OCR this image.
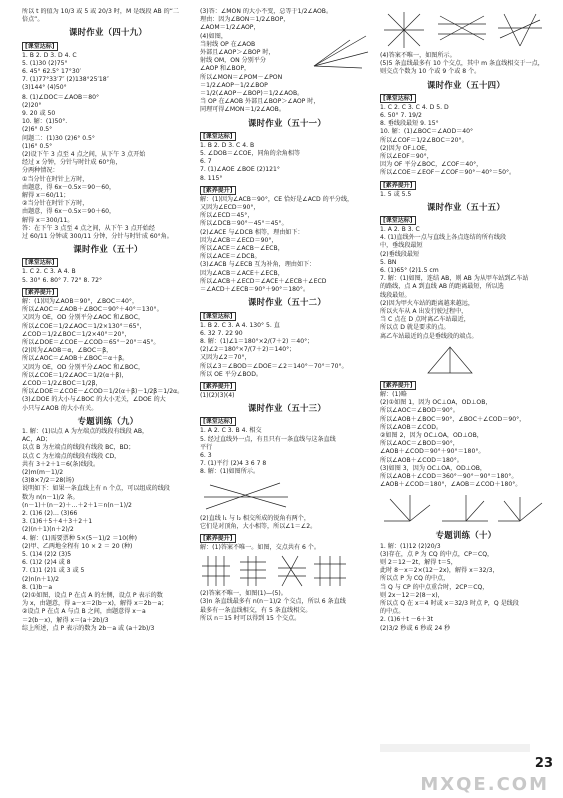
所以 t 的值为 10/3 或 5 或 20/3 时，M 是线段 AB 的“二
倍点”。
课时作业（四十九）
[课堂达标]
1. B 2. D 3. D 4. C
5. (1)30 (2)75°
6. 45° 62.5° 17°30′
7. (1)77°33′7″ (2)138°25′18″
(3)144° (4)50°
8. (1)∠DOC＝∠AOB＝80°
(2)20°
9. 20 或 50
10. 解：(1)50°.
(2)6° 0.5°
问题二：(1)30 (2)6° 0.5°
(1)6° 0.5°
(2)设下午 3 点至 4 点之间，从下午 3 点开始
经过 x 分钟，分针与时针成 60°角，
分两种情况：
①当分针在时针上方时，
由题意，得 6x－0.5x＝90－60，
解得 x＝60/11；
②当分针在时针下方时，
由题意，得 6x－0.5x＝90＋60，
解得 x＝300/11。
答：在下午 3 点至 4 点之间，从下午 3 点开始经
过 60/11 分钟或 300/11 分钟，分针与时针成 60°角。
课时作业（五十）
[课堂达标]
1. C 2. C 3. A 4. B
5. 30° 6. 80° 7. 72° 8. 72°
[素养提升]
解：(1)因为∠AOB＝90°，∠BOC＝40°，
所以∠AOC＝∠AOB＋∠BOC＝90°＋40°＝130°。
又因为 OE，OD 分别平分∠AOC 和∠BOC，
所以∠COE＝1/2∠AOC＝1/2×130°＝65°，
∠COD＝1/2∠BOC＝1/2×40°＝20°，
所以∠DOE＝∠COE－∠COD＝65°－20°＝45°。
(2)因为∠AOB＝α，∠BOC＝β，
所以∠AOC＝∠AOB＋∠BOC＝α＋β。
又因为 OE，OD 分别平分∠AOC 和∠BOC，
所以∠COE＝1/2∠AOC＝1/2(α＋β)，
∠COD＝1/2∠BOC＝1/2β，
所以∠DOE＝∠COE－∠COD＝1/2(α＋β)－1/2β＝1/2α。
(3)∠DOE 的大小与∠BOC 的大小无关，∠DOE 的大
小只与∠AOB 的大小有关。
专题训练（九）
1. 解：(1)以点 A 为左端点的线段有线段 AB，
AC，AD；
以点 B 为左端点的线段有线段 BC，BD；
以点 C 为左端点的线段有线段 CD，
共有 3＋2＋1＝6(条)线段。
(2)m(m－1)/2
(3)8×7/2＝28(场)
说明如下：如果一条直线上有 n 个点，可以组成的线段
数为 n(n－1)/2 条。
(n－1)＋(n－2)＋…＋2＋1＝n(n－1)/2
2. (1)6 (2)… (3)66
3. (1)6＋5＋4＋3＋2＋1
(2)(n＋1)(n＋2)/2
4. 解：(1)需要票种 5×(5－1)/2 ＝10(种)
(2)甲、乙两地全程有 10 × 2 ＝ 20 (种)
5. (1)4 (2)2 (3)5
6. (1)2 (2)4 或 8
7. (1)1 (2)1 或 3 或 5
(2)n(n＋1)/2
8. (1)b－a
(2)①如图，设点 P 在点 A 的左侧，设点 P 表示的数
为 x，由题意，得 a－x＝2(b－x)，解得 x＝2b－a；
②设点 P 在点 A 与点 B 之间，由题意得 x－a
＝2(b－x)，解得 x＝(a＋2b)/3
综上所述，点 P 表示的数为 2b－a 或 (a＋2b)/3
(3)答：∠MON 的大小不变，总等于1/2∠AOB。
理由：因为∠BON＝1/2∠BOP，
∠AOM＝1/2∠AOP，
(4)如图，
当射线 OP 在∠AOB
外部且∠AOP＞∠BOP 时，
射线 OM，ON 分别平分
∠AOP 和∠BOP，
所以∠MON＝∠POM－∠PON
＝1/2∠AOP－1/2∠BOP
＝1/2(∠AOP－∠BOP)＝1/2∠AOB。
当 OP 在∠AOB 外部且∠BOP＞∠AOP 时，
同理可得∠MON＝1/2∠AOB。
课时作业（五十一）
[课堂达标]
1. B 2. D 3. C 4. B
5. ∠DOB＝∠COE，同角的余角相等
6. 7
7. (1)∠AOE ∠BOE (2)121°
8. 115°
[素养提升]
解：(1)因为∠ACB＝90°，CE 恰好是∠ACD 的平分线，
又因为∠ECD＝90°，
所以∠ECD＝45°，
所以∠DCB＝90°－45°＝45°。
(2)∠ACE 与∠DCB 相等，理由如下：
因为∠ACB＝∠ECD＝90°，
所以∠ACE＝∠ACB－∠ECB，
所以∠ACE＝∠DCB。
(3)∠ACB 与∠ECB 互为补角，理由如下：
因为∠ACB＝∠ACE＋∠ECB，
所以∠ACB＋∠ECD＝∠ACE＋∠ECB＋∠ECD
＝∠ACD＋∠ECB＝90°＋90°＝180°。
课时作业（五十二）
[课堂达标]
1. B 2. C 3. A 4. 130° 5. 直
6. 32 7. 22 90
8. 解：(1)∠1＝180°×2/(7＋2) ＝40°；
(2)∠2＝180°×7/(7＋2)＝140°；
又因为∠2＝70°，
所以∠3＝∠BOD＝∠DOE＝∠2＝140°－70°＝70°。
所以 OE 平分∠BOD。
[素养提升]
(1)(2)(3)(4)
课时作业（五十三）
[课堂达标]
1. A 2. C 3. B 4. 相交
5. 经过直线外一点，有且只有一条直线与这条直线
平行
6. 3
7. (1)平行 (2)4 3 6 7 8
8. 解：(1)如图所示。
(2)直线 l₁ 与 l₂ 相交所成的锐角有两个，
它们是对顶角，大小相等，所以∠1＝∠2。
[素养提升]
解：(1)答案不唯一。如图，交点共有 6 个。
(2)答案不唯一，如图(1)—(5)。
(3)n 条直线最多有 n(n－1)/2 个交点，所以 6 条直线
最多有一条直线相交，有 5 条直线相交。
所以 n＝15 时可以得到 15 个交点。
(4)答案不唯一，如图所示。
(5)5 条直线最多有 10 个交点，其中 m 条直线相交于一点，
则交点个数为 10 个或 9 个或 8 个。
课时作业（五十四）
[课堂达标]
1. C 2. C 3. C 4. D 5. D
6. 50° 7. 19/2
8. 垂线段最短 9. 15°
10. 解：(1)∠BOC＝∠AOD＝40°
所以∠COF＝1/2∠BOC＝20°。
(2)因为 OF⊥OE，
所以∠EOF＝90°，
因为 OF 平分∠BOC，∠COF＝40°，
所以∠COE＝∠EOF－∠COF＝90°－40°＝50°。
[素养提升]
1. 5 或 5.5
课时作业（五十五）
[课堂达标]
1. A 2. B 3. C
4. (1)直线外一点与直线上各点连结的所有线段
中，垂线段最短
(2)垂线段最短
5. BN
6. (1)65° (2)1.5 cm
7. 解：(1)如图，连结 AB，则 AB 为从甲车站到乙车站
的路线，点 A 到直线 AB 的距离最短，所以选
线段最短。
(2)因为甲火车站的距离越来越远，
所以火车从 A 出发行驶过程中，
当 C 点在 D 点时离乙车站最近，
所以点 D 就是要求的点。
离乙车站最近的点是垂线段的端点。
[素养提升]
解：(1)略
(2)①如图 1，因为 OC⊥OA，OD⊥OB，
所以∠AOC＝∠BOD＝90°。
所以∠AOB＋∠BOC＝90°，∠BOC＋∠COD＝90°，
所以∠AOB＝∠COD。
②如图 2，因为 OC⊥OA，OD⊥OB，
所以∠AOC＝∠BOD＝90°，
∠AOB＋∠COD＝90°＋90°＝180°。
所以∠AOB＋∠COD＝180°。
(3)如图 3，因为 OC⊥OA，OD⊥OB，
所以∠AOB＋∠COD＝360°－90°－90°＝180°。
∠AOB＋∠COD＝180°，∠AOB＝∠COD＋180°。
专题训练（十）
1. 解：(1)12 (2)20/3
(3)存在，点 P 为 CQ 的中点，CP＝CQ，
则 2＝12－2t，解得 t＝5，
此时 8－x＝2×(12－2x)，解得 x＝32/3，
所以点 P 为 CQ 的中点，
当 Q 与 CP 的中点重合时，2CP＝CQ，
则 2x－12＝2(8－x)，
所以点 Q 在 x＝4 时或 x＝32/3 时点 P，Q 是线段
的中点。
2. (1)6＋t －6＋3t
(2)3/2 秒或 6 秒或 24 秒
23
MXQE.COM
